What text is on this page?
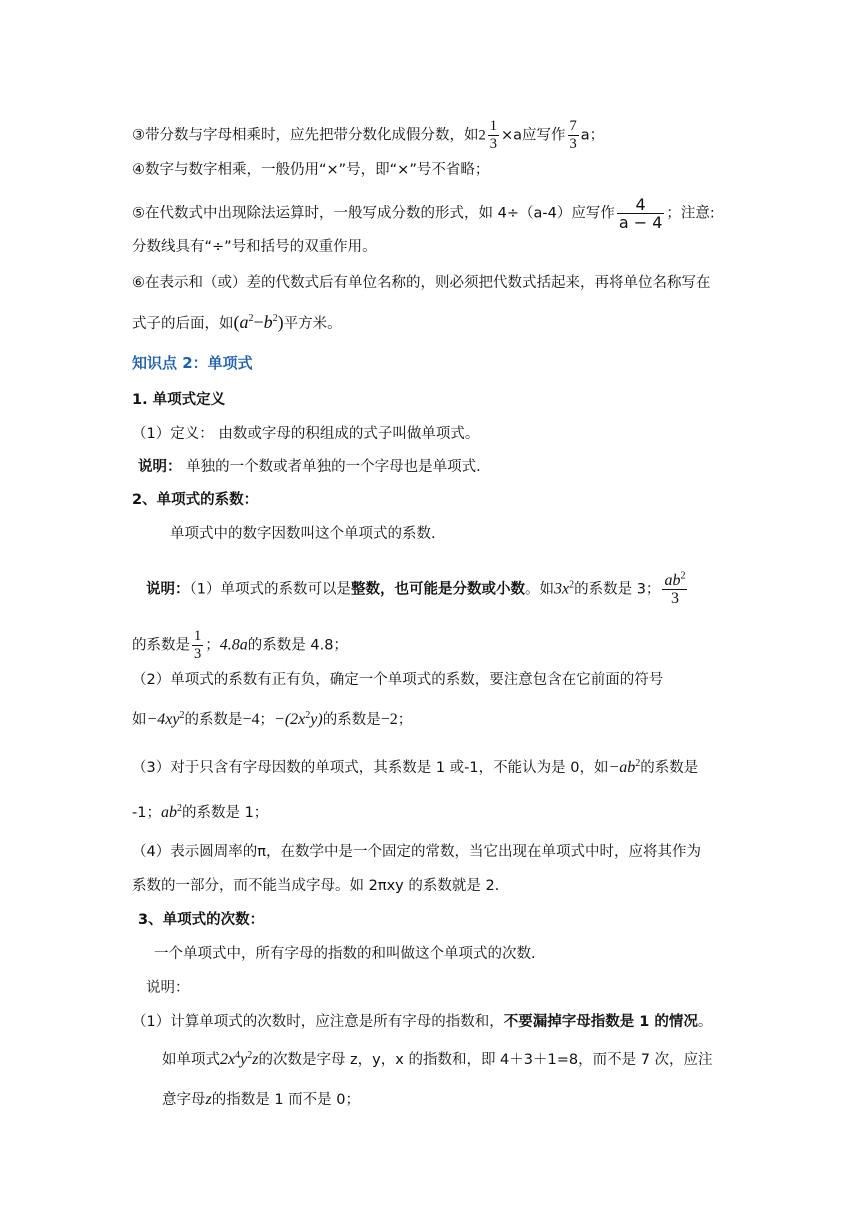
③带分数与字母相乘时，应先把带分数化成假分数，如$2 \frac{1}{3} \times a$应写作 $\frac{7}{3}$ a；
④数字与数字相乘，一般仍用“×”号，即“×”号不省略；
⑤在代数式中出现除法运算时，一般写成分数的形式，如 4÷（a-4）应写作 $\frac{4}{a - 4}$ ；注意:
分数线具有“÷”号和括号的双重作用。
⑥在表示和（或）差的代数式后有单位名称的，则必须把代数式括起来，再将单位名称写在
式子的后面，如$(a^2-b^2)$平方米。
知识点 2：单项式
1. 单项式定义
（1）定义： 由数或字母的积组成的式子叫做单项式。
说明： 单独的一个数或者单独的一个字母也是单项式.
2、单项式的系数：
单项式中的数字因数叫这个单项式的系数.
说明：（1）单项式的系数可以是整数，也可能是分数或小数。如$3x^2$的系数是 3； $\frac{ab^2}{3}$
的系数是 $\frac{1}{3}$ ；4.8a的系数是 4.8；
（2）单项式的系数有正有负，确定一个单项式的系数，要注意包含在它前面的符号
如$-4xy^2$的系数是−4；$-(2x^2y)$的系数是−2；
（3）对于只含有字母因数的单项式，其系数是 1 或-1，不能认为是 0，如$-ab^2$的系数是
-1；$ab^2$的系数是 1；
（4）表示圆周率的π，在数学中是一个固定的常数，当它出现在单项式中时，应将其作为
系数的一部分，而不能当成字母。如 2πxy 的系数就是 2.
3、单项式的次数：
一个单项式中，所有字母的指数的和叫做这个单项式的次数.
说明：
（1）计算单项式的次数时，应注意是所有字母的指数和，不要漏掉字母指数是 1 的情况。
如单项式$2x^4y^2z$的次数是字母 z，y，x 的指数和，即 4＋3＋1=8，而不是 7 次，应注
意字母z的指数是 1 而不是 0；
